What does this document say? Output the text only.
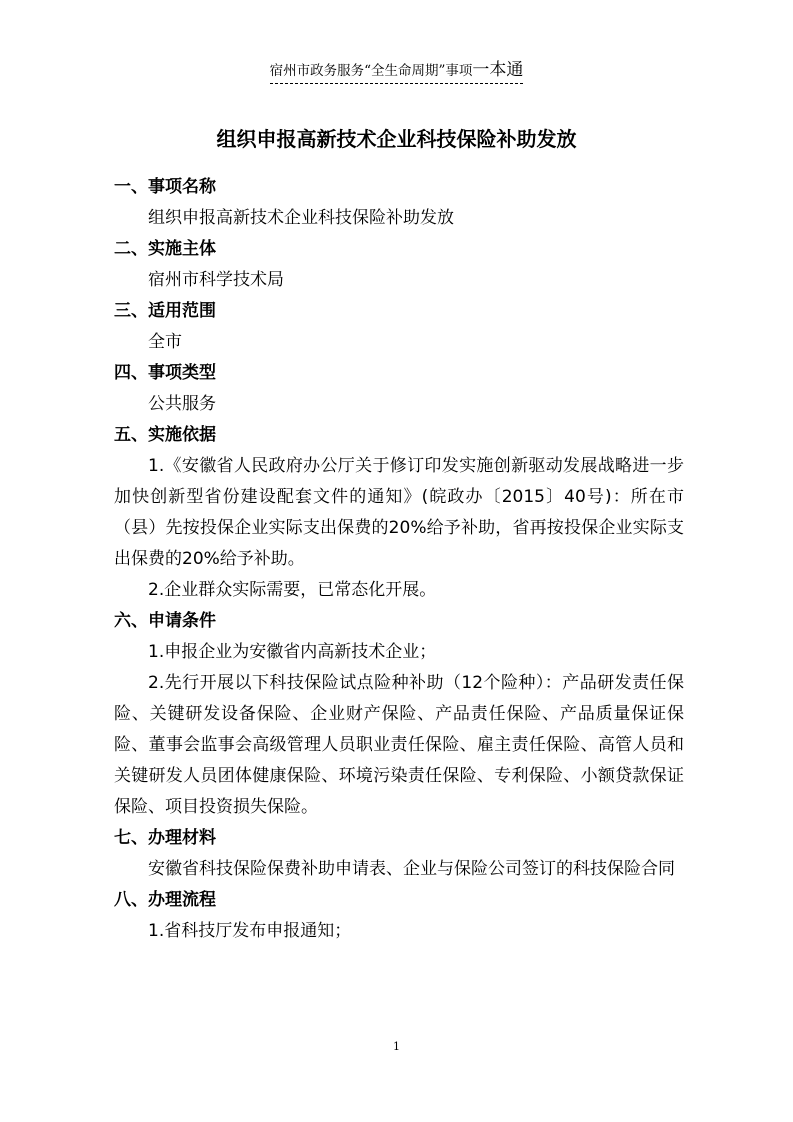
宿州市政务服务“全生命周期”事项一本通
组织申报高新技术企业科技保险补助发放

一、事项名称

组织申报高新技术企业科技保险补助发放

二、实施主体

宿州市科学技术局

三、适用范围

全市

四、事项类型

公共服务

五、实施依据

1.《安徽省人民政府办公厅关于修订印发实施创新驱动发展战略进一步加快创新型省份建设配套文件的通知》(皖政办〔2015〕40号)：所在市（县）先按投保企业实际支出保费的20%给予补助，省再按投保企业实际支出保费的20%给予补助。

2.企业群众实际需要，已常态化开展。

六、申请条件

1.申报企业为安徽省内高新技术企业；

2.先行开展以下科技保险试点险种补助（12个险种）：产品研发责任保险、关键研发设备保险、企业财产保险、产品责任保险、产品质量保证保险、董事会监事会高级管理人员职业责任保险、雇主责任保险、高管人员和关键研发人员团体健康保险、环境污染责任保险、专利保险、小额贷款保证保险、项目投资损失保险。

七、办理材料

安徽省科技保险保费补助申请表、企业与保险公司签订的科技保险合同

八、办理流程

1.省科技厅发布申报通知；

1
